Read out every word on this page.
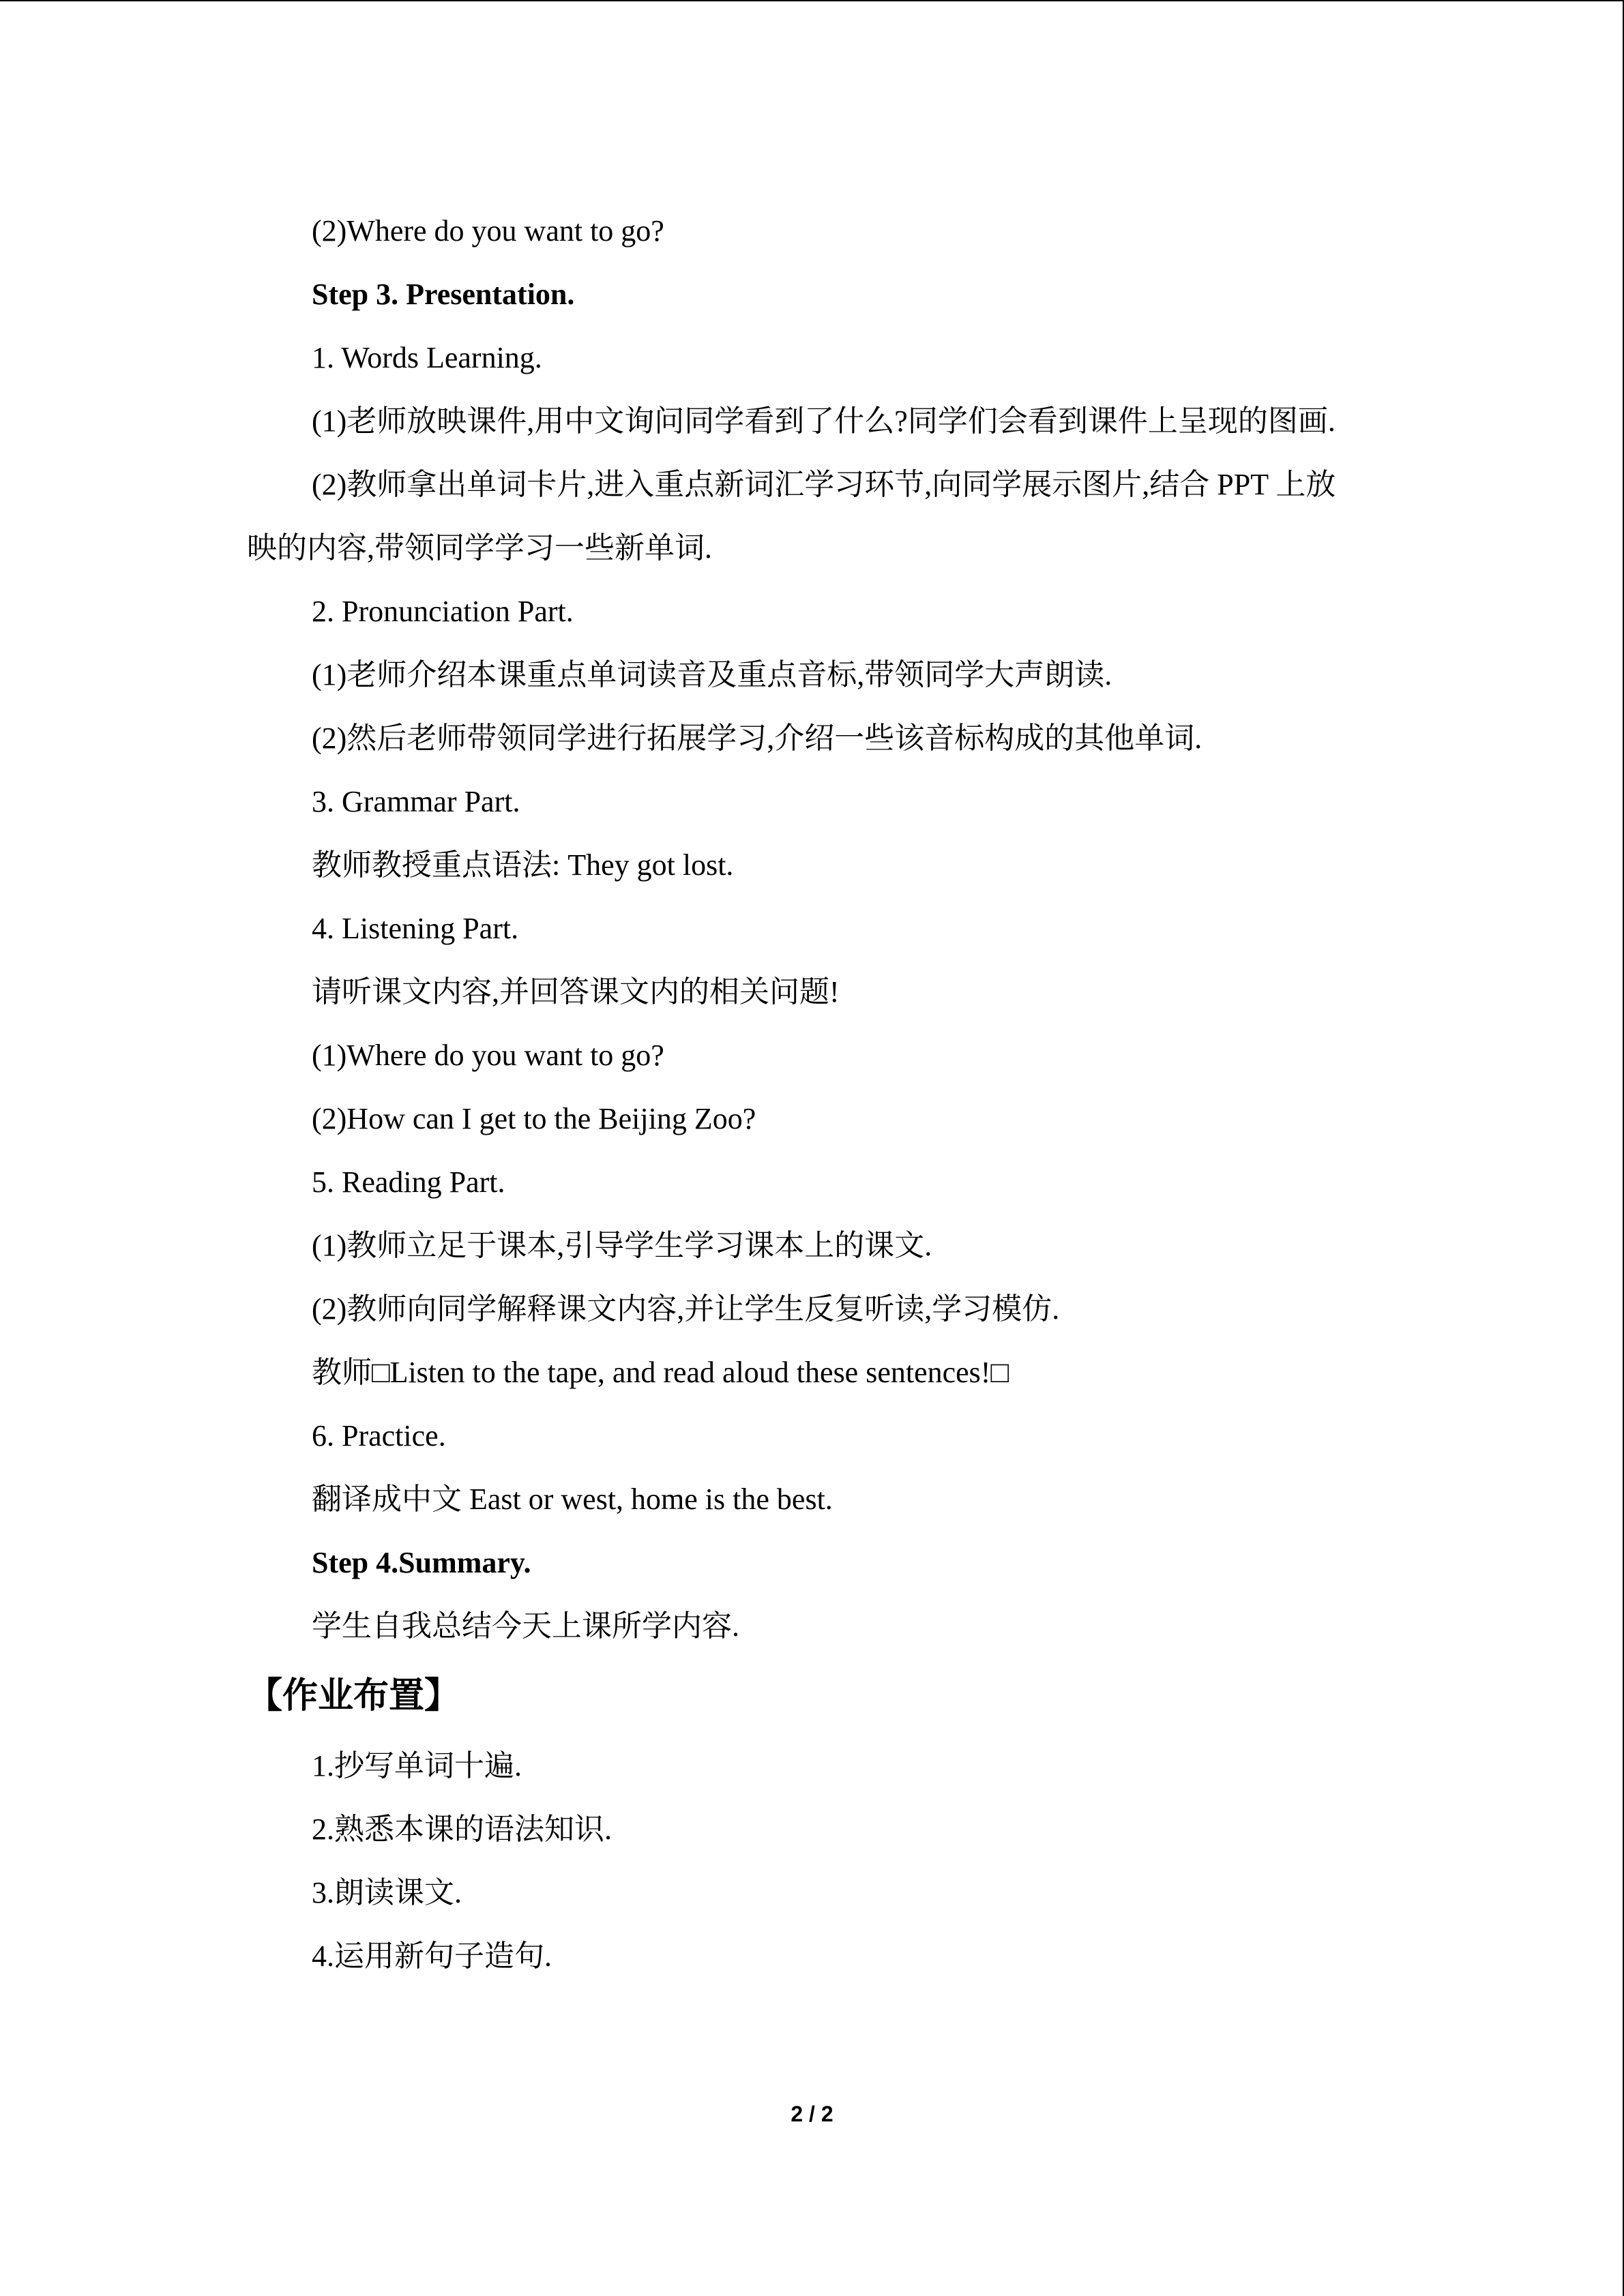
(2)Where do you want to go?

Step 3. Presentation.

1. Words Learning.

(1)老师放映课件,用中文询问同学看到了什么?同学们会看到课件上呈现的图画.

(2)教师拿出单词卡片,进入重点新词汇学习环节,向同学展示图片,结合 PPT 上放映的内容,带领同学学习一些新单词.

2. Pronunciation Part.

(1)老师介绍本课重点单词读音及重点音标,带领同学大声朗读.

(2)然后老师带领同学进行拓展学习,介绍一些该音标构成的其他单词.

3. Grammar Part.

教师教授重点语法: They got lost.

4. Listening Part.

请听课文内容,并回答课文内的相关问题!

(1)Where do you want to go?

(2)How can I get to the Beijing Zoo?

5. Reading Part.

(1)教师立足于课本,引导学生学习课本上的课文.

(2)教师向同学解释课文内容,并让学生反复听读,学习模仿.

教师□Listen to the tape, and read aloud these sentences!□

6. Practice.

翻译成中文 East or west, home is the best.

Step 4.Summary.

学生自我总结今天上课所学内容.

【作业布置】

1.抄写单词十遍.

2.熟悉本课的语法知识.

3.朗读课文.

4.运用新句子造句.

2 / 2
